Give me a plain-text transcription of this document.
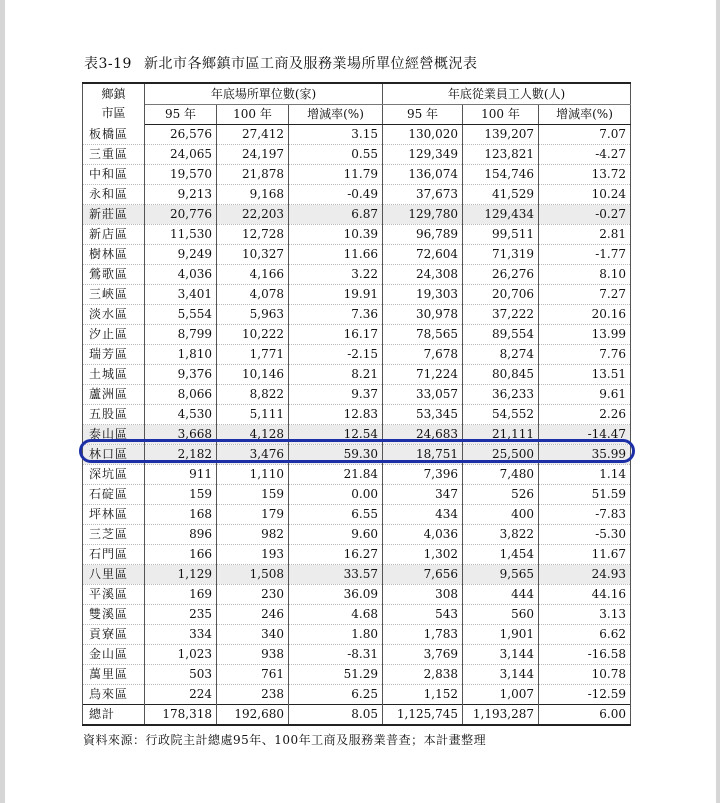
表3-19 新北市各鄉鎮市區工商及服務業場所單位經營概況表
鄉鎮
市區	年底場所單位數(家)			年底從業員工人數(人)		
	95 年	100 年	增減率(%)	95 年	100 年	增減率(%)
板橋區	26,576	27,412	3.15	130,020	139,207	7.07
三重區	24,065	24,197	0.55	129,349	123,821	-4.27
中和區	19,570	21,878	11.79	136,074	154,746	13.72
永和區	9,213	9,168	-0.49	37,673	41,529	10.24
新莊區	20,776	22,203	6.87	129,780	129,434	-0.27
新店區	11,530	12,728	10.39	96,789	99,511	2.81
樹林區	9,249	10,327	11.66	72,604	71,319	-1.77
鶯歌區	4,036	4,166	3.22	24,308	26,276	8.10
三峽區	3,401	4,078	19.91	19,303	20,706	7.27
淡水區	5,554	5,963	7.36	30,978	37,222	20.16
汐止區	8,799	10,222	16.17	78,565	89,554	13.99
瑞芳區	1,810	1,771	-2.15	7,678	8,274	7.76
土城區	9,376	10,146	8.21	71,224	80,845	13.51
蘆洲區	8,066	8,822	9.37	33,057	36,233	9.61
五股區	4,530	5,111	12.83	53,345	54,552	2.26
泰山區	3,668	4,128	12.54	24,683	21,111	-14.47
林口區	2,182	3,476	59.30	18,751	25,500	35.99
深坑區	911	1,110	21.84	7,396	7,480	1.14
石碇區	159	159	0.00	347	526	51.59
坪林區	168	179	6.55	434	400	-7.83
三芝區	896	982	9.60	4,036	3,822	-5.30
石門區	166	193	16.27	1,302	1,454	11.67
八里區	1,129	1,508	33.57	7,656	9,565	24.93
平溪區	169	230	36.09	308	444	44.16
雙溪區	235	246	4.68	543	560	3.13
貢寮區	334	340	1.80	1,783	1,901	6.62
金山區	1,023	938	-8.31	3,769	3,144	-16.58
萬里區	503	761	51.29	2,838	3,144	10.78
烏來區	224	238	6.25	1,152	1,007	-12.59
總計	178,318	192,680	8.05	1,125,745	1,193,287	6.00
資料來源：行政院主計總處95年、100年工商及服務業普查；本計畫整理
